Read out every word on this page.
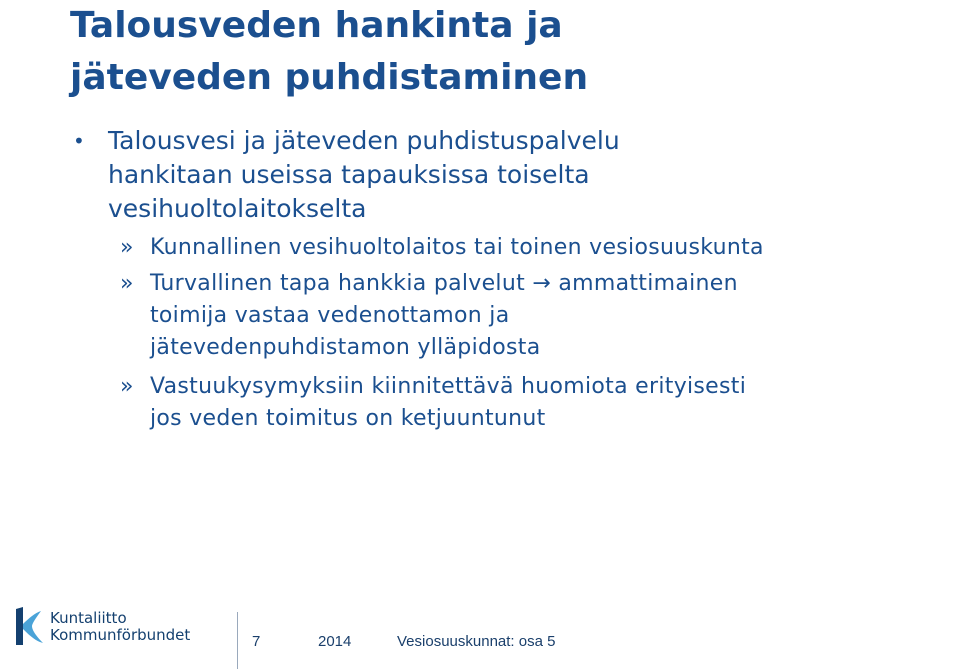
Talousveden hankinta ja
jäteveden puhdistaminen
• Talousvesi ja jäteveden puhdistuspalvelu
hankitaan useissa tapauksissa toiselta
vesihuoltolaitokselta
» Kunnallinen vesihuoltolaitos tai toinen vesiosuuskunta
» Turvallinen tapa hankkia palvelut → ammattimainen
toimija vastaa vedenottamon ja
jätevedenpuhdistamon ylläpidosta
» Vastuukysymyksiin kiinnitettävä huomiota erityisesti
jos veden toimitus on ketjuuntunut
Kuntaliitto
Kommunförbundet	7	2014	Vesiosuuskunnat: osa 5
